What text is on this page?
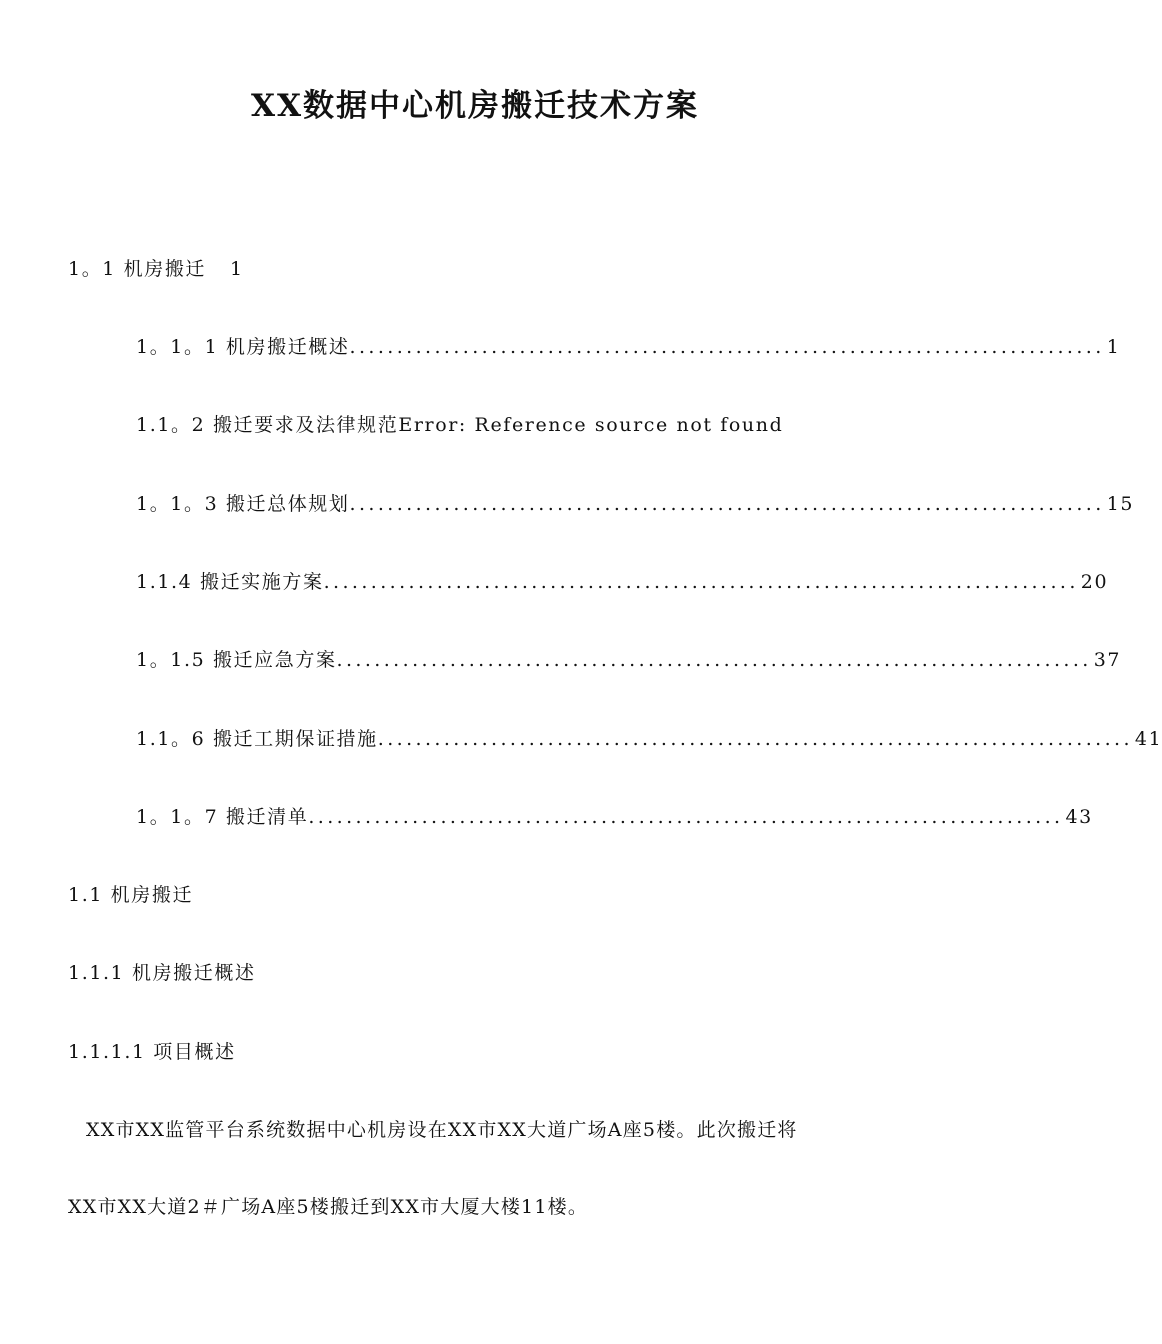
XX数据中心机房搬迁技术方案
1。1 机房搬迁 1
1。1。1 机房搬迁概述 ................................................................................ 1
1.1。2 搬迁要求及法律规范 Error: Reference source not found
1。1。3 搬迁总体规划 ................................................................................ 15
1.1.4 搬迁实施方案 ................................................................................ 20
1。1.5 搬迁应急方案 ................................................................................ 37
1.1。6 搬迁工期保证措施 ................................................................................ 41
1。1。7 搬迁清单 ................................................................................ 43
1.1 机房搬迁
1.1.1 机房搬迁概述
1.1.1.1 项目概述
XX市XX监管平台系统数据中心机房设在XX市XX大道广场A座5楼。此次搬迁将
XX市XX大道2＃广场A座5楼搬迁到XX市大厦大楼11楼。
